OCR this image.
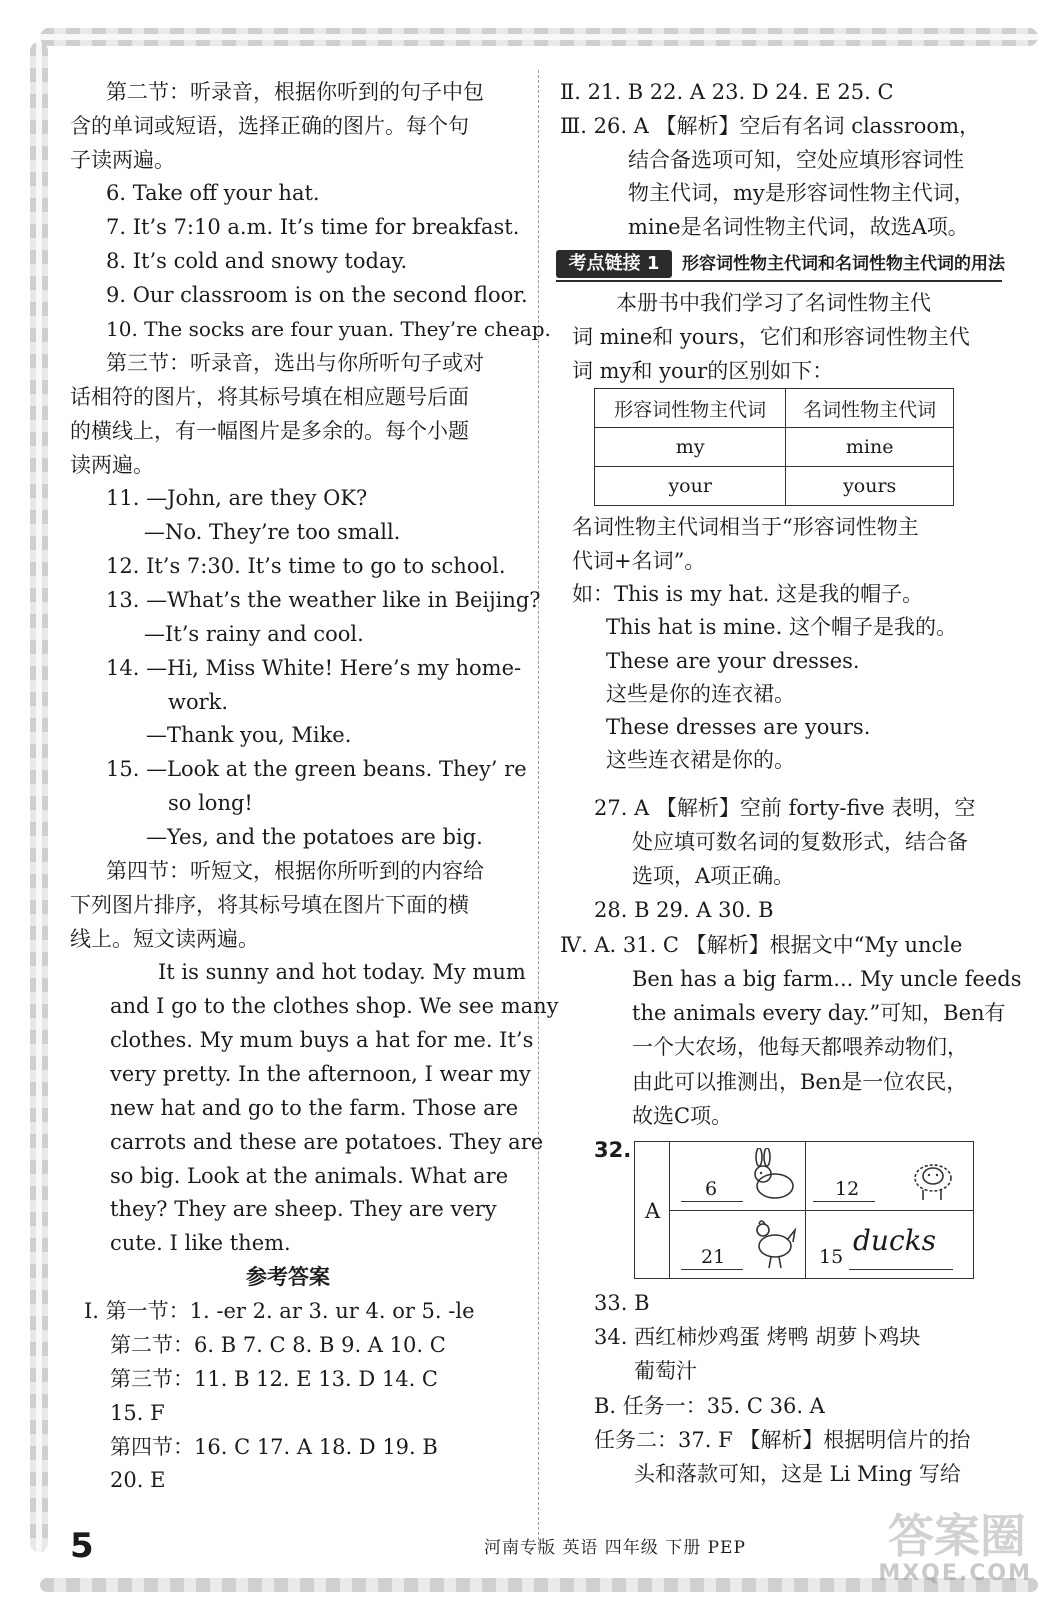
第二节：听录音，根据你听到的句子中包
含的单词或短语，选择正确的图片。每个句
子读两遍。
6. Take off your hat.
7. It’s 7:10 a.m. It’s time for breakfast.
8. It’s cold and snowy today.
9. Our classroom is on the second floor.
10. The socks are four yuan. They’re cheap.
第三节：听录音，选出与你所听句子或对
话相符的图片，将其标号填在相应题号后面
的横线上，有一幅图片是多余的。每个小题
读两遍。
11. —John, are they OK?
—No. They’re too small.
12. It’s 7:30. It’s time to go to school.
13. —What’s the weather like in Beijing?
—It’s rainy and cool.
14. —Hi, Miss White! Here’s my home-
work.
—Thank you, Mike.
15. —Look at the green beans. They’ re
so long!
—Yes, and the potatoes are big.
第四节：听短文，根据你所听到的内容给
下列图片排序，将其标号填在图片下面的横
线上。短文读两遍。
It is sunny and hot today. My mum
and I go to the clothes shop. We see many
clothes. My mum buys a hat for me. It’s
very pretty. In the afternoon, I wear my
new hat and go to the farm. Those are
carrots and these are potatoes. They are
so big. Look at the animals. What are
they? They are sheep. They are very
cute. I like them.
参考答案
Ⅰ. 第一节：1. -er 2. ar 3. ur 4. or 5. -le
第二节：6. B 7. C 8. B 9. A 10. C
第三节：11. B 12. E 13. D 14. C
15. F
第四节：16. C 17. A 18. D 19. B
20. E
Ⅱ. 21. B 22. A 23. D 24. E 25. C
Ⅲ. 26. A 【解析】空后有名词 classroom，
结合备选项可知，空处应填形容词性
物主代词，my是形容词性物主代词，
mine是名词性物主代词，故选A项。
考点链接 1	形容词性物主代词和名词性物主代词的用法
本册书中我们学习了名词性物主代
词 mine和 yours，它们和形容词性物主代
词 my和 your的区别如下：
形容词性物主代词	名词性物主代词
my	mine
your	yours
名词性物主代词相当于“形容词性物主
代词+名词”。
如：This is my hat. 这是我的帽子。
This hat is mine. 这个帽子是我的。
These are your dresses.
这些是你的连衣裙。
These dresses are yours.
这些连衣裙是你的。
27. A 【解析】空前 forty-five 表明，空
处应填可数名词的复数形式，结合备
选项，A项正确。
28. B 29. A 30. B
Ⅳ. A. 31. C 【解析】根据文中“My uncle
Ben has a big farm... My uncle feeds
the animals every day.”可知，Ben有
一个大农场，他每天都喂养动物们，
由此可以推测出，Ben是一位农民，
故选C项。
32.
A
6	12
21	15 ducks
33. B
34. 西红柿炒鸡蛋 烤鸭 胡萝卜鸡块
葡萄汁
B. 任务一：35. C 36. A
任务二：37. F 【解析】根据明信片的抬
头和落款可知，这是 Li Ming 写给
5	河南专版 英语 四年级 下册 PEP	答案圈
MXQE.COM
